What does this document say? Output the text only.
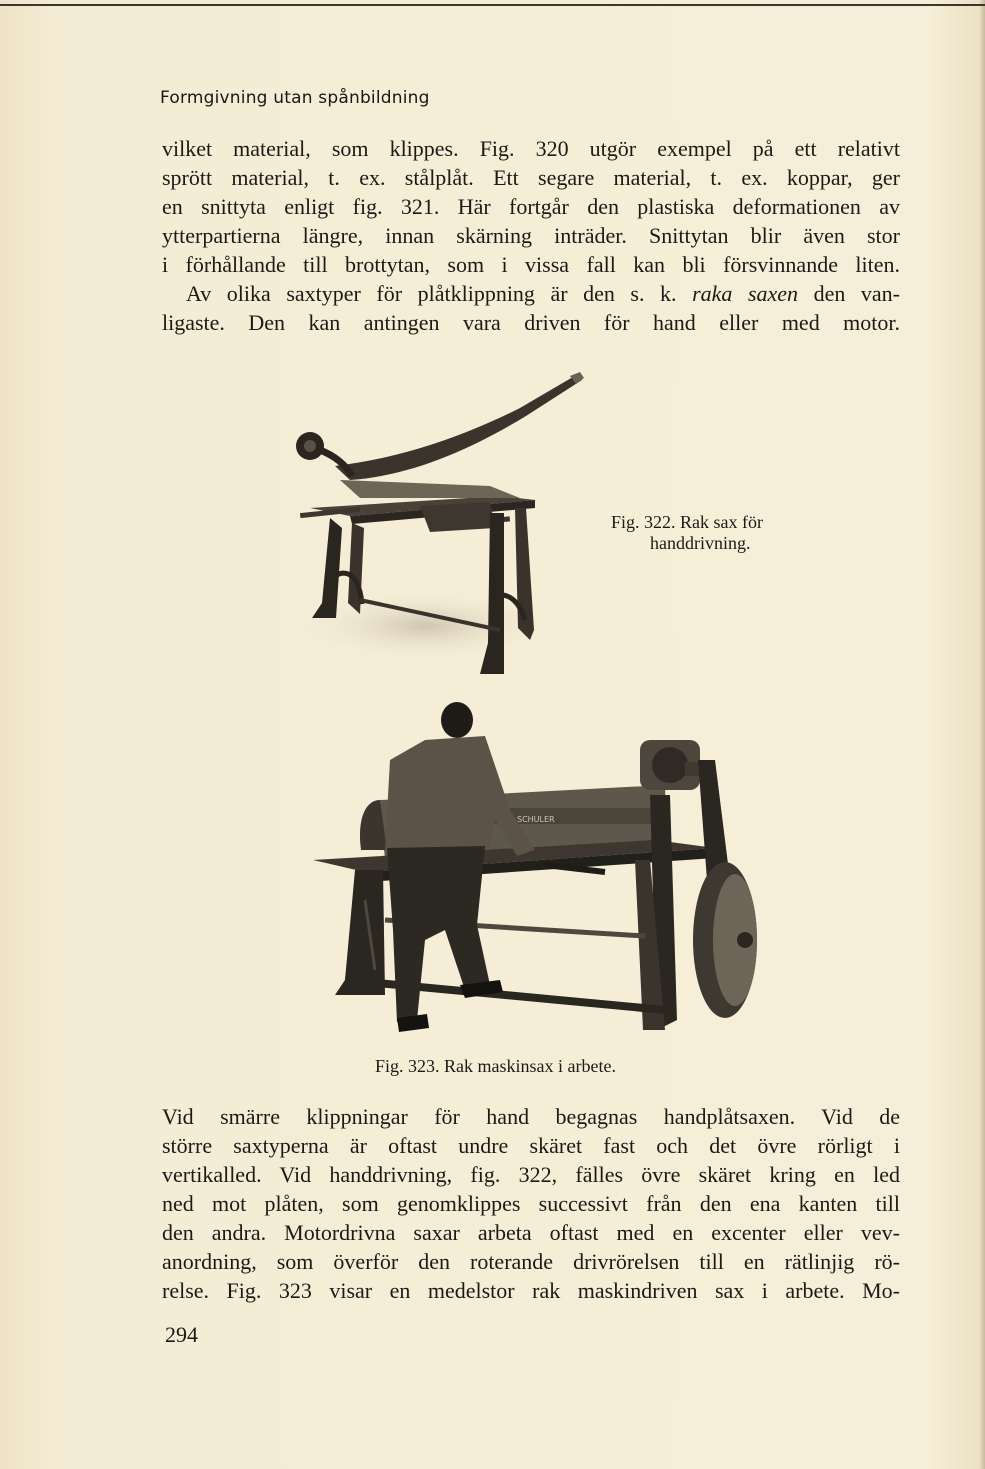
Formgivning utan spånbildning
vilket material, som klippes. Fig. 320 utgör exempel på ett relativt
sprött material, t. ex. stålplåt. Ett segare material, t. ex. koppar, ger
en snittyta enligt fig. 321. Här fortgår den plastiska deformationen av
ytterpartierna längre, innan skärning inträder. Snittytan blir även stor
i förhållande till brottytan, som i vissa fall kan bli försvinnande liten.
Av olika saxtyper för plåtklippning är den s. k. raka saxen den van-
ligaste. Den kan antingen vara driven för hand eller med motor.
Fig. 322. Rak sax för
handdrivning.
SCHULER
Fig. 323. Rak maskinsax i arbete.
Vid smärre klippningar för hand begagnas handplåtsaxen. Vid de
större saxtyperna är oftast undre skäret fast och det övre rörligt i
vertikalled. Vid handdrivning, fig. 322, fälles övre skäret kring en led
ned mot plåten, som genomklippes successivt från den ena kanten till
den andra. Motordrivna saxar arbeta oftast med en excenter eller vev-
anordning, som överför den roterande drivrörelsen till en rätlinjig rö-
relse. Fig. 323 visar en medelstor rak maskindriven sax i arbete. Mo-
294
